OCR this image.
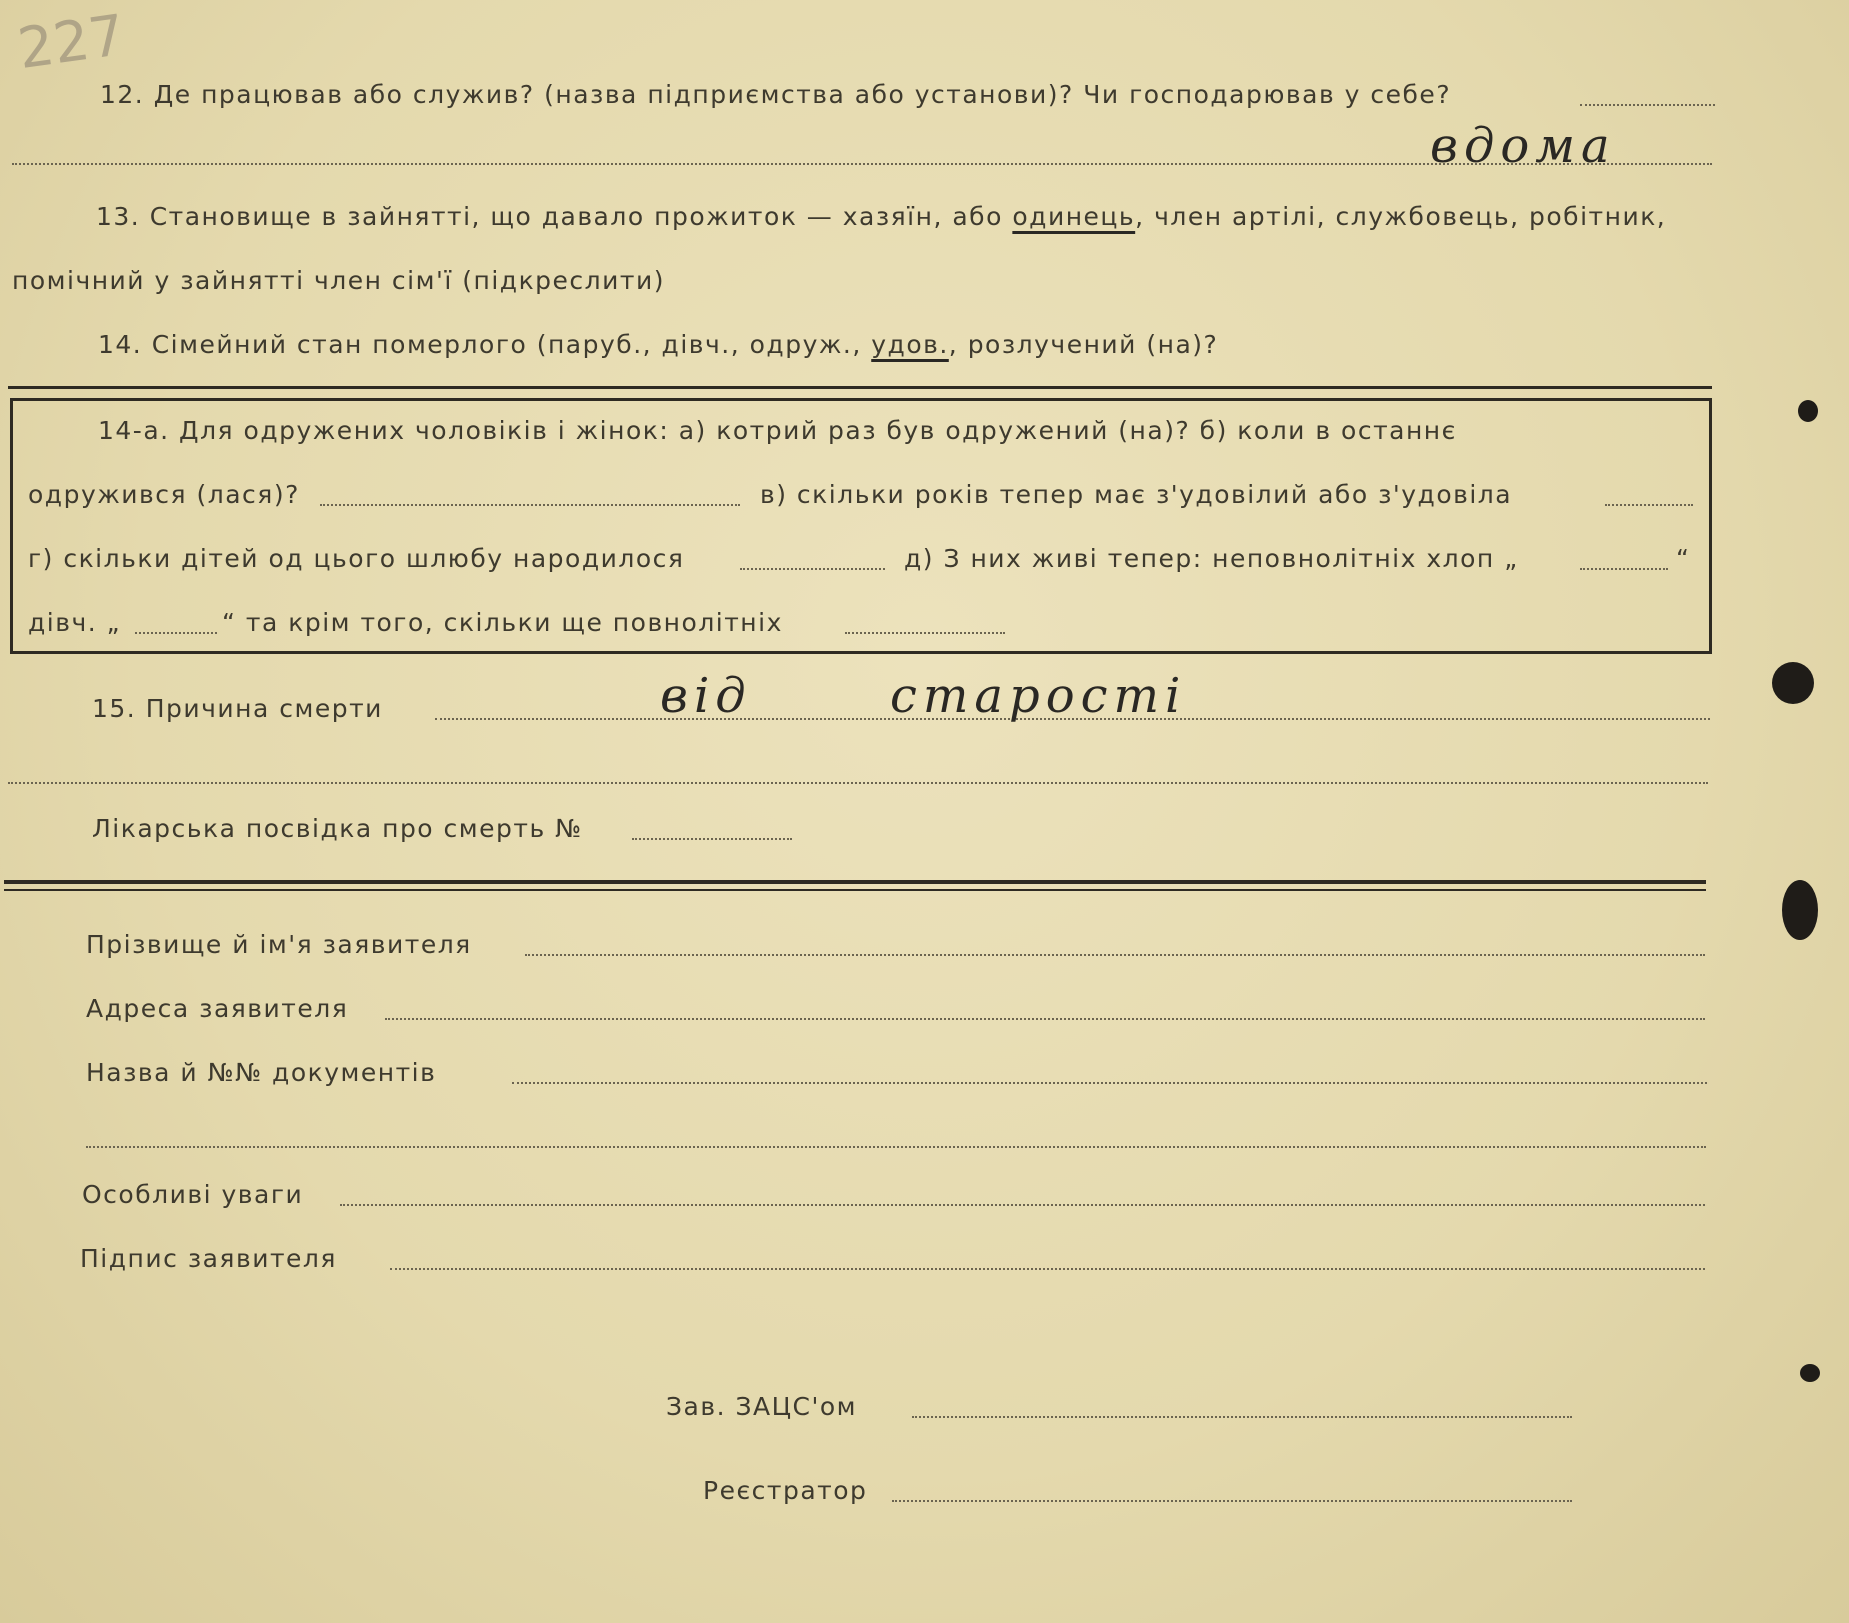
227
12. Де працював або служив? (назва підприємства або установи)? Чи господарював у себе?
вдома
13. Становище в зайнятті, що давало прожиток — хазяїн, або одинець, член артілі, службовець, робітник,
помічний у зайнятті член сім'ї (підкреслити)
14. Сімейний стан померлого (паруб., дівч., одруж., удов., розлучений (на)?
14-а. Для одружених чоловіків і жінок: а) котрий раз був одружений (на)? б) коли в останнє
одружився (лася)?	в) скільки років тепер має з'удовілий або з'удовіла
г) скільки дітей од цього шлюбу народилося	д) З них живі тепер: неповнолітніх хлоп „	“
дівч. „	“ та крім того, скільки ще повнолітніх
15. Причина смерти	від	старості
Лікарська посвідка про смерть №
Прізвище й ім'я заявителя
Адреса заявителя
Назва й №№ документів
Особливі уваги
Підпис заявителя
Зав. ЗАЦС'ом
Реєстратор
